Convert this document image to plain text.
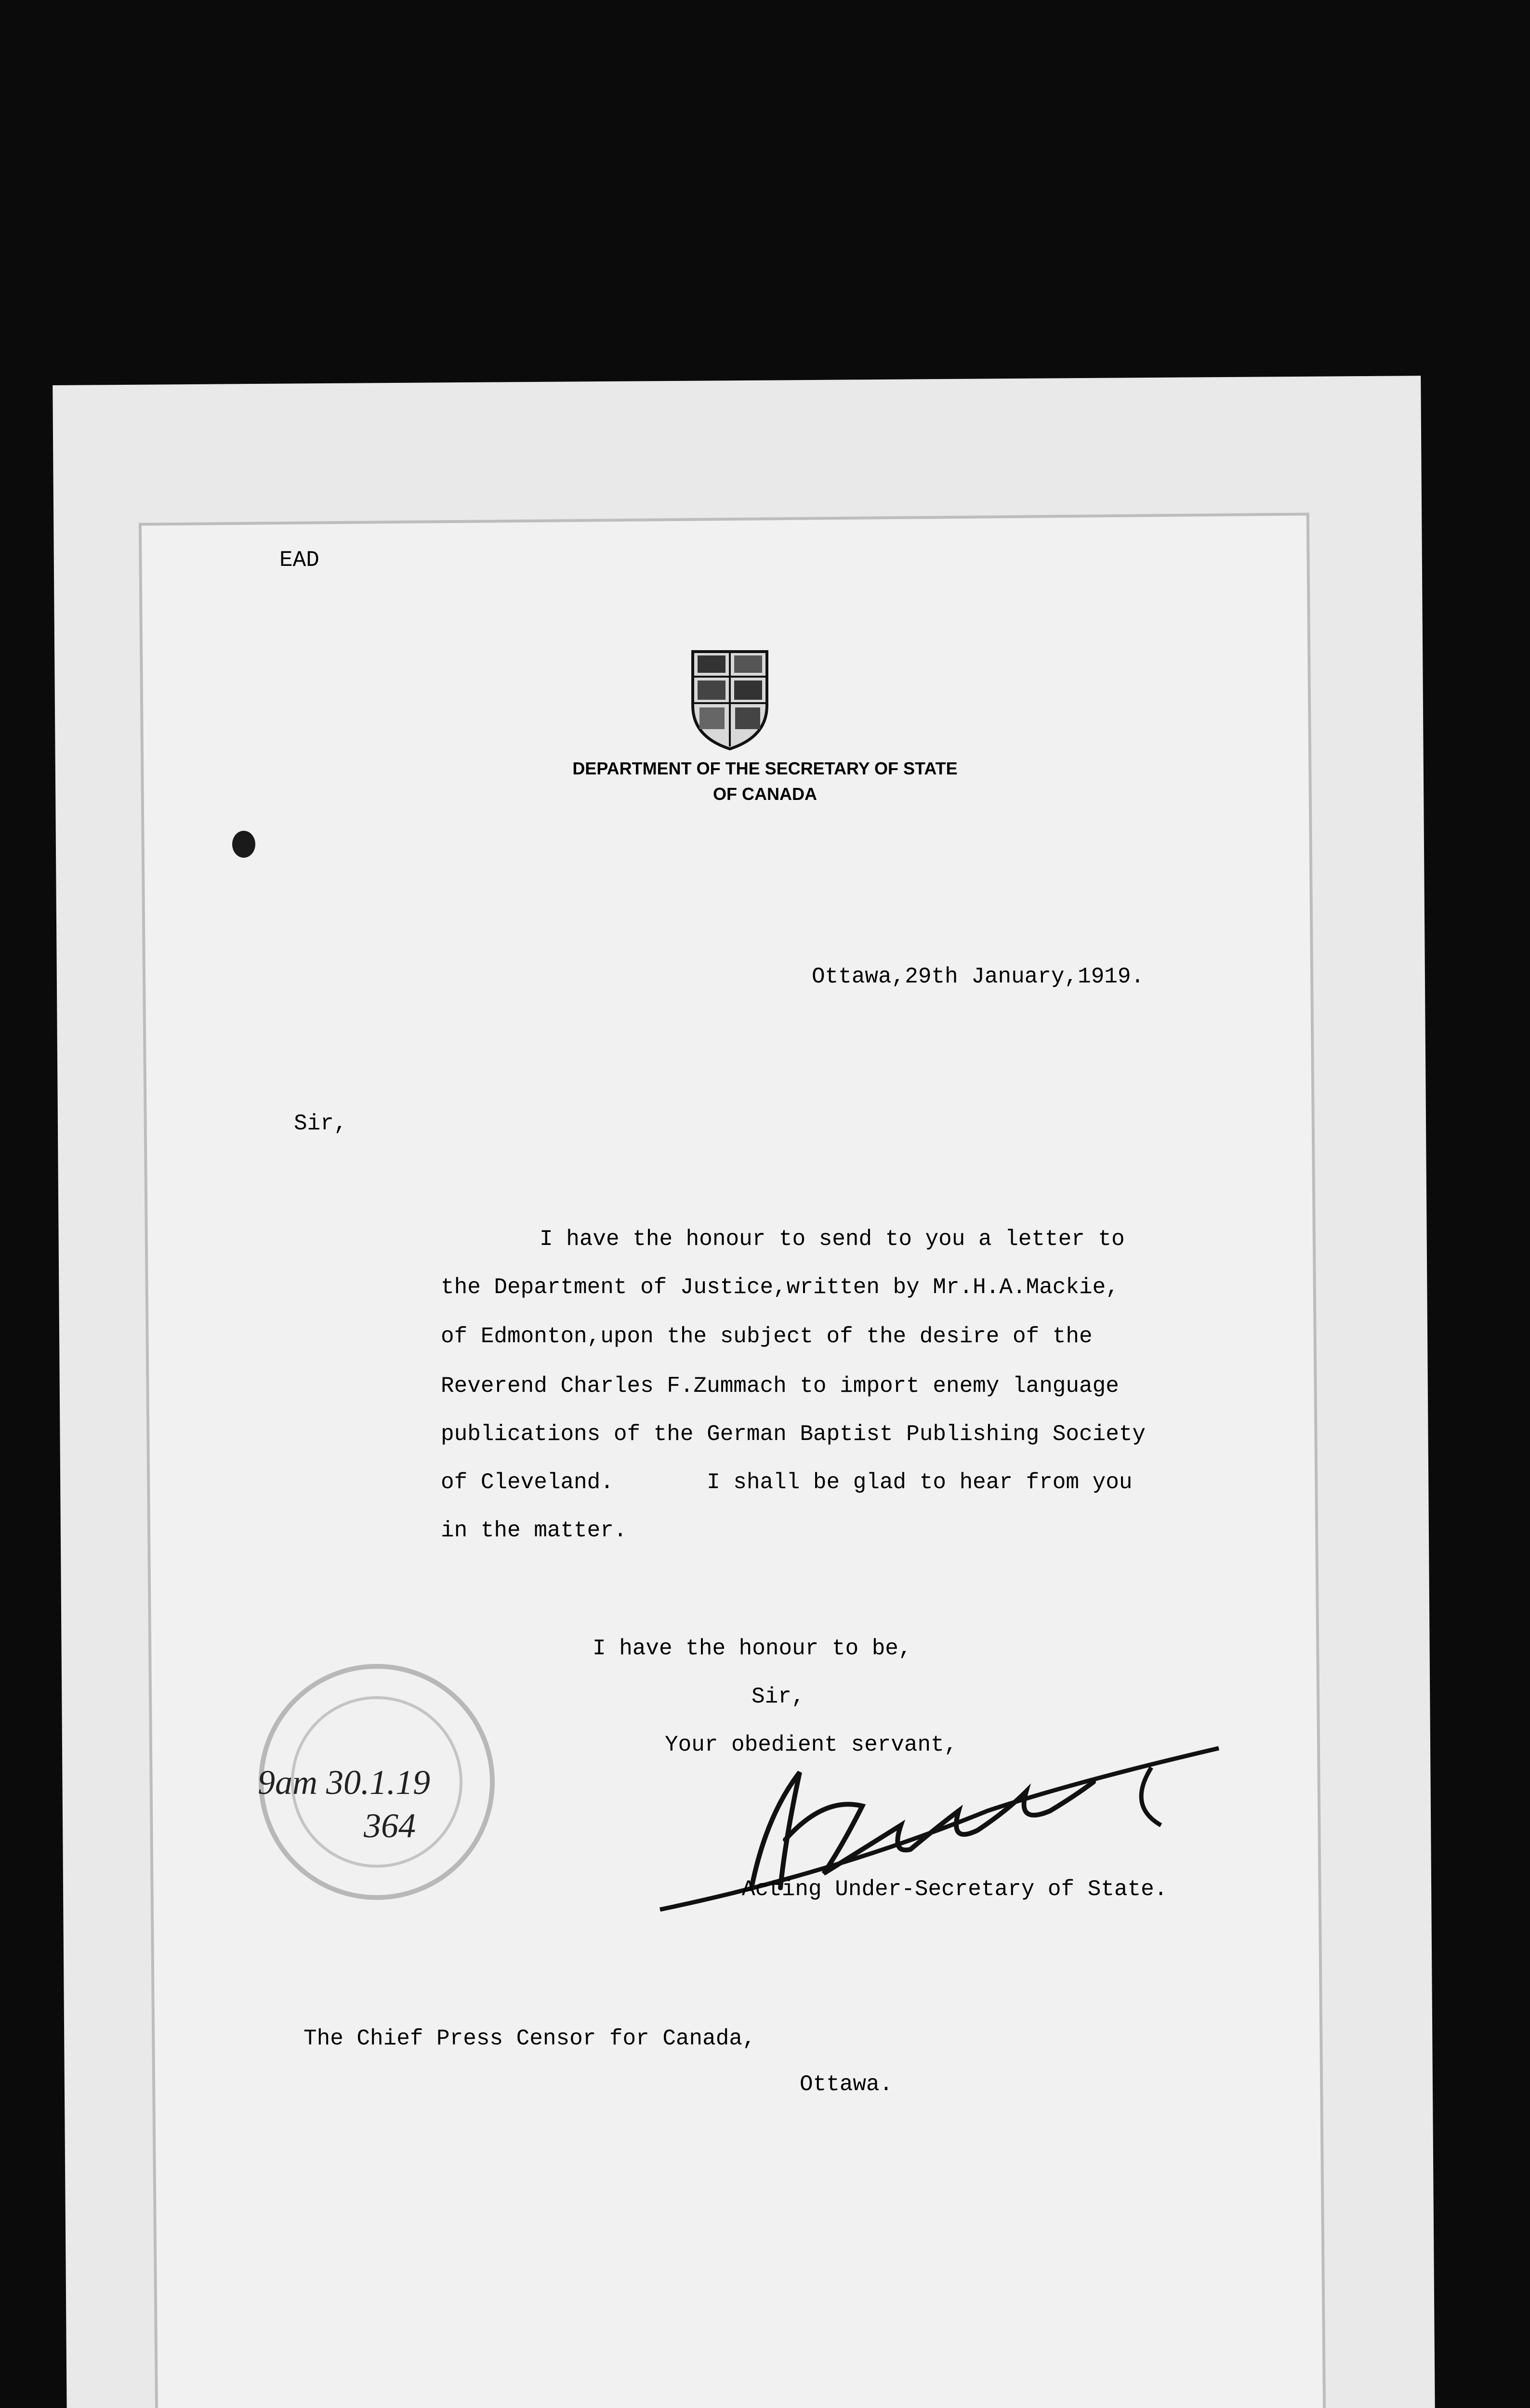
EAD
DEPARTMENT OF THE SECRETARY OF STATE
OF CANADA
Ottawa,29th January,1919.
Sir,
I have the honour to send to you a letter to
the Department of Justice,written by Mr.H.A.Mackie,
of Edmonton,upon the subject of the desire of the
Reverend Charles F.Zummach to import enemy language
publications of the German Baptist Publishing Society
of Cleveland.       I shall be glad to hear from you
in the matter.
I have the honour to be,
Sir,
Your obedient servant,
Acting Under-Secretary of State.
9am 30.1.19
364
The Chief Press Censor for Canada,
Ottawa.
